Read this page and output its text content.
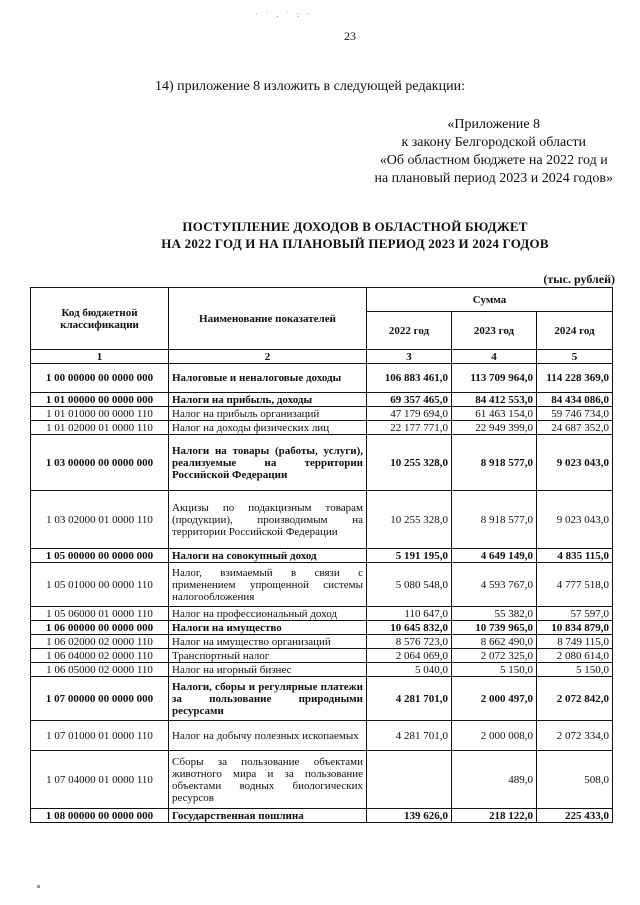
· ˙ . ˙ : ·
23
14) приложение 8 изложить в следующей редакции:
«Приложение 8
к закону Белгородской области
«Об областном бюджете на 2022 год и
на плановый период 2023 и 2024 годов»
ПОСТУПЛЕНИЕ ДОХОДОВ В ОБЛАСТНОЙ БЮДЖЕТ
НА 2022 ГОД И НА ПЛАНОВЫЙ ПЕРИОД 2023 И 2024 ГОДОВ
(тыс. рублей)
Код бюджетной классификации	Наименование показателей	Сумма		
		2022 год	2023 год	2024 год
1	2	3	4	5
1 00 00000 00 0000 000	Налоговые и неналоговые доходы	106 883 461,0	113 709 964,0	114 228 369,0
1 01 00000 00 0000 000	Налоги на прибыль, доходы	69 357 465,0	84 412 553,0	84 434 086,0
1 01 01000 00 0000 110	Налог на прибыль организаций	47 179 694,0	61 463 154,0	59 746 734,0
1 01 02000 01 0000 110	Налог на доходы физических лиц	22 177 771,0	22 949 399,0	24 687 352,0
1 03 00000 00 0000 000	Налоги на товары (работы, услуги), реализуемые на территории Российской Федерации	10 255 328,0	8 918 577,0	9 023 043,0
1 03 02000 01 0000 110	Акцизы по подакцизным товарам (продукции), производимым на территории Российской Федерации	10 255 328,0	8 918 577,0	9 023 043,0
1 05 00000 00 0000 000	Налоги на совокупный доход	5 191 195,0	4 649 149,0	4 835 115,0
1 05 01000 00 0000 110	Налог, взимаемый в связи с применением упрощенной системы налогообложения	5 080 548,0	4 593 767,0	4 777 518,0
1 05 06000 01 0000 110	Налог на профессиональный доход	110 647,0	55 382,0	57 597,0
1 06 00000 00 0000 000	Налоги на имущество	10 645 832,0	10 739 965,0	10 834 879,0
1 06 02000 02 0000 110	Налог на имущество организаций	8 576 723,0	8 662 490,0	8 749 115,0
1 06 04000 02 0000 110	Транспортный налог	2 064 069,0	2 072 325,0	2 080 614,0
1 06 05000 02 0000 110	Налог на игорный бизнес	5 040,0	5 150,0	5 150,0
1 07 00000 00 0000 000	Налоги, сборы и регулярные платежи за пользование природными ресурсами	4 281 701,0	2 000 497,0	2 072 842,0
1 07 01000 01 0000 110	Налог на добычу полезных ископаемых	4 281 701,0	2 000 008,0	2 072 334,0
1 07 04000 01 0000 110	Сборы за пользование объектами животного мира и за пользование объектами водных биологических ресурсов		489,0	508,0
1 08 00000 00 0000 000	Государственная пошлина	139 626,0	218 122,0	225 433,0
